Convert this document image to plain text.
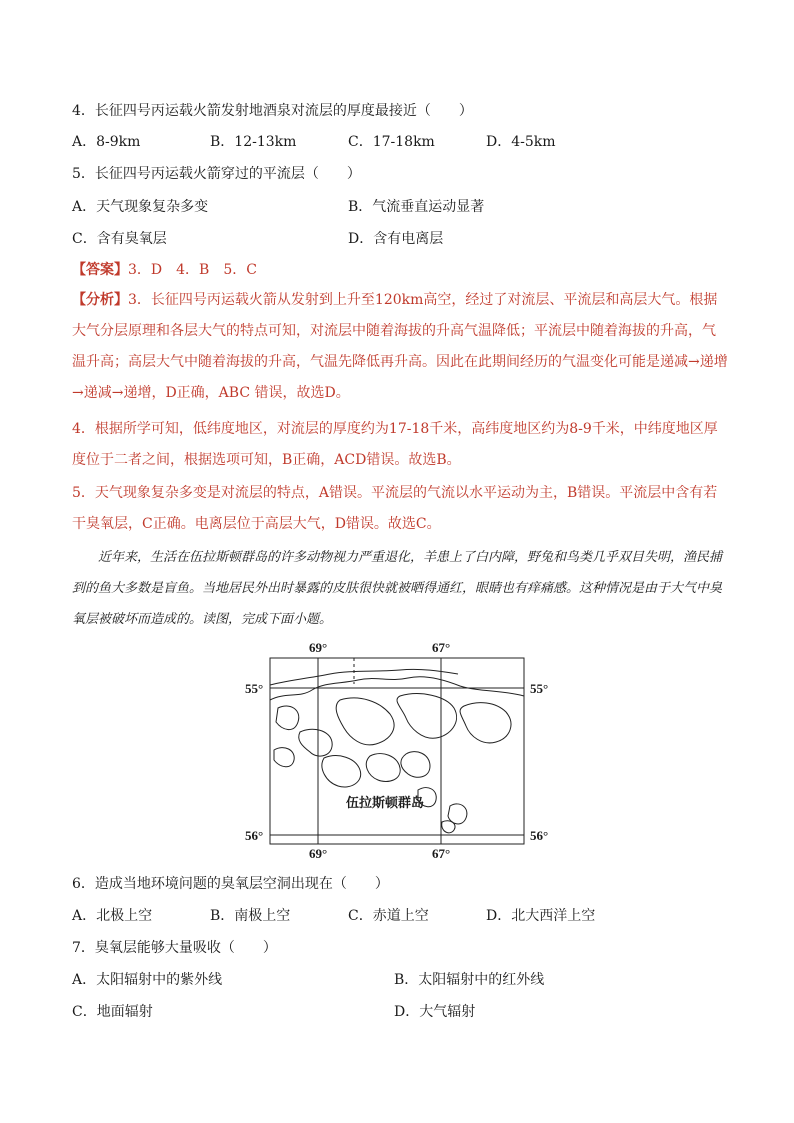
4．长征四号丙运载火箭发射地酒泉对流层的厚度最接近（　　）
A．8-9km	B．12-13km	C．17-18km	D．4-5km
5．长征四号丙运载火箭穿过的平流层（　　）
A．天气现象复杂多变	B．气流垂直运动显著
C．含有臭氧层	D．含有电离层
【答案】3．D　4．B　5．C
【分析】3．长征四号丙运载火箭从发射到上升至120km高空，经过了对流层、平流层和高层大气。根据大气分层原理和各层大气的特点可知，对流层中随着海拔的升高气温降低；平流层中随着海拔的升高，气温升高；高层大气中随着海拔的升高，气温先降低再升高。因此在此期间经历的气温变化可能是递减→递增→递减→递增，D正确，ABC 错误，故选D。
4．根据所学可知，低纬度地区，对流层的厚度约为17-18千米，高纬度地区约为8-9千米，中纬度地区厚度位于二者之间，根据选项可知，B正确，ACD错误。故选B。
5．天气现象复杂多变是对流层的特点，A错误。平流层的气流以水平运动为主，B错误。平流层中含有若干臭氧层，C正确。电离层位于高层大气，D错误。故选C。
近年来，生活在伍拉斯顿群岛的许多动物视力严重退化，羊患上了白内障，野兔和鸟类几乎双目失明，渔民捕到的鱼大多数是盲鱼。当地居民外出时暴露的皮肤很快就被晒得通红，眼睛也有痒痛感。这种情况是由于大气中臭氧层被破坏而造成的。读图，完成下面小题。
69°	67°
69°	67°
55°	55°
56°	56°
伍拉斯顿群岛
6．造成当地环境问题的臭氧层空洞出现在（　　）
A．北极上空	B．南极上空	C．赤道上空	D．北大西洋上空
7．臭氧层能够大量吸收（　　）
A．太阳辐射中的紫外线	B．太阳辐射中的红外线
C．地面辐射	D．大气辐射
